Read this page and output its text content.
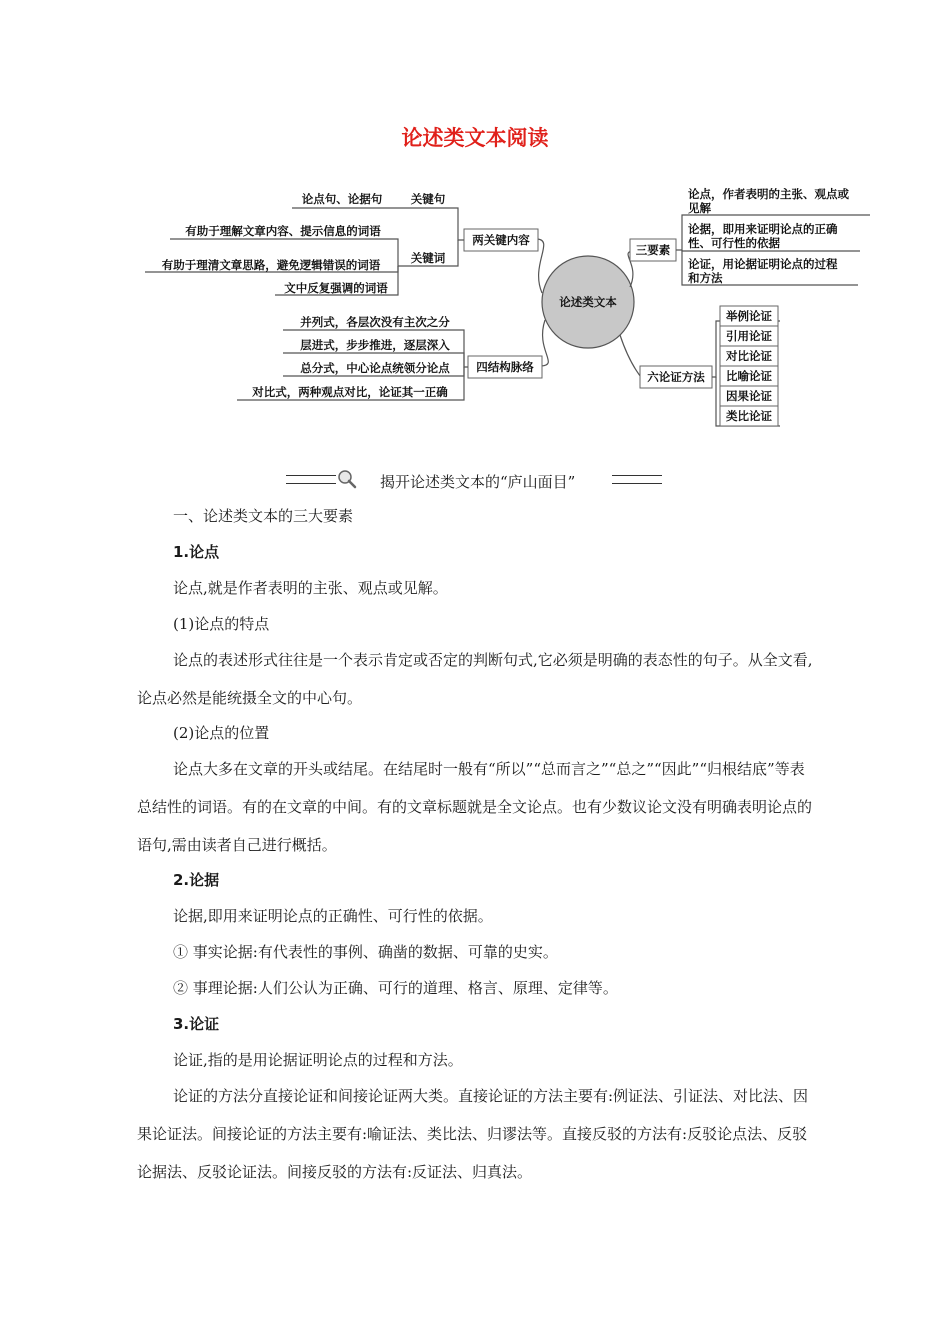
论述类文本阅读
论述类文本
两关键内容
关键句
论点句、论据句
关键词
有助于理解文章内容、提示信息的词语
有助于理清文章思路，避免逻辑错误的词语
文中反复强调的词语
四结构脉络
并列式，各层次没有主次之分
层进式，步步推进，逐层深入
总分式，中心论点统领分论点
对比式，两种观点对比，论证其一正确
三要素
论点，作者表明的主张、观点或
见解
论据，即用来证明论点的正确
性、可行性的依据
论证，用论据证明论点的过程
和方法
六论证方法
举例论证
引用论证
对比论证
比喻论证
因果论证
类比论证
揭开论述类文本的“庐山面目”

一、论述类文本的三大要素

1.论点

论点,就是作者表明的主张、观点或见解。

(1)论点的特点

论点的表述形式往往是一个表示肯定或否定的判断句式,它必须是明确的表态性的句子。从全文看,论点必然是能统摄全文的中心句。

(2)论点的位置

论点大多在文章的开头或结尾。在结尾时一般有“所以”“总而言之”“总之”“因此”“归根结底”等表总结性的词语。有的在文章的中间。有的文章标题就是全文论点。也有少数议论文没有明确表明论点的语句,需由读者自己进行概括。

2.论据

论据,即用来证明论点的正确性、可行性的依据。

① 事实论据:有代表性的事例、确凿的数据、可靠的史实。

② 事理论据:人们公认为正确、可行的道理、格言、原理、定律等。

3.论证

论证,指的是用论据证明论点的过程和方法。

论证的方法分直接论证和间接论证两大类。直接论证的方法主要有:例证法、引证法、对比法、因果论证法。间接论证的方法主要有:喻证法、类比法、归谬法等。直接反驳的方法有:反驳论点法、反驳论据法、反驳论证法。间接反驳的方法有:反证法、归真法。
